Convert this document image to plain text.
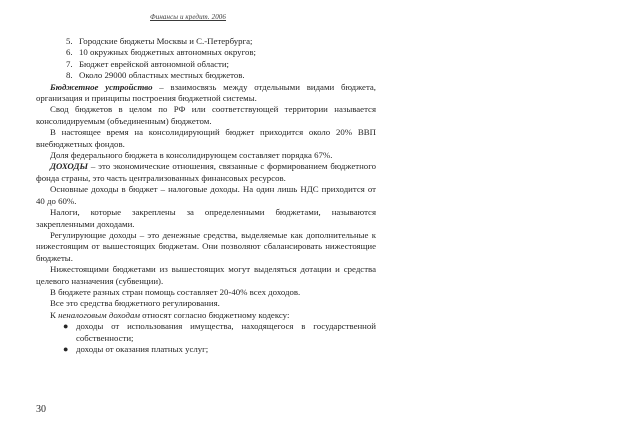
Финансы и кредит. 2006
5. Городские бюджеты Москвы и С.-Петербурга;
6. 10 окружных бюджетных автономных округов;
7. Бюджет еврейской автономной области;
8. Около 29000 областных местных бюджетов.

Бюджетное устройство – взаимосвязь между отдельными видами бюджета, организация и принципы построения бюджетной системы.

Свод бюджетов в целом по РФ или соответствующей территории называется консолидируемым (объединенным) бюджетом.

В настоящее время на консолидирующий бюджет приходится около 20% ВВП внебюджетных фондов.

Доля федерального бюджета в консолидирующем составляет порядка 67%.

ДОХОДЫ – это экономические отношения, связанные с формированием бюджетного фонда страны, это часть централизованных финансовых ресурсов.

Основные доходы в бюджет – налоговые доходы. На один лишь НДС приходится от 40 до 60%.

Налоги, которые закреплены за определенными бюджетами, называются закрепленными доходами.

Регулирующие доходы – это денежные средства, выделяемые как дополнительные к нижестоящим от вышестоящих бюджетам. Они позволяют сбалансировать нижестоящие бюджеты.

Нижестоящими бюджетами из вышестоящих могут выделяться дотации и средства целевого назначения (субвенции).

В бюджете разных стран помощь составляет 20-40% всех доходов.

Все это средства бюджетного регулирования.

К неналоговым доходам относят согласно бюджетному кодексу:

● доходы от использования имущества, находящегося в государственной собственности;
● доходы от оказания платных услуг;
30
